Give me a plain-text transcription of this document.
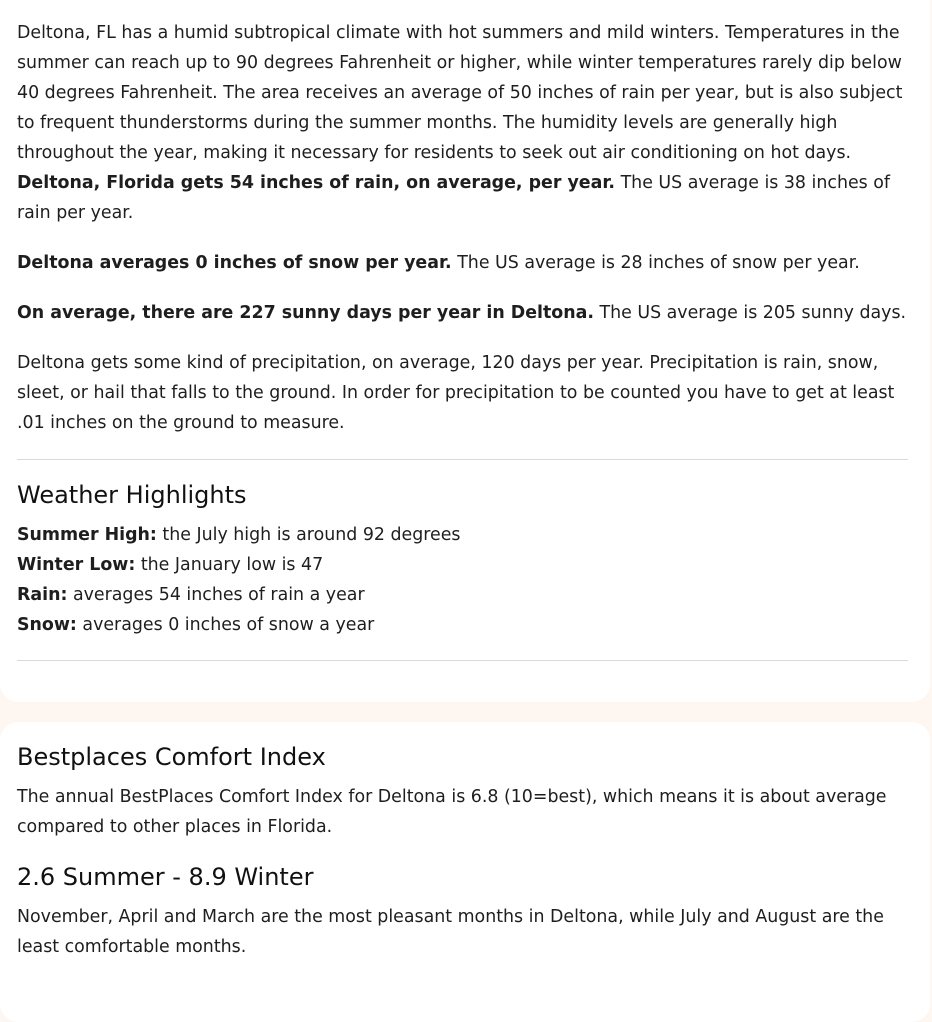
Deltona, FL has a humid subtropical climate with hot summers and mild winters. Temperatures in the summer can reach up to 90 degrees Fahrenheit or higher, while winter temperatures rarely dip below 40 degrees Fahrenheit. The area receives an average of 50 inches of rain per year, but is also subject to frequent thunderstorms during the summer months. The humidity levels are generally high throughout the year, making it necessary for residents to seek out air conditioning on hot days. Deltona, Florida gets 54 inches of rain, on average, per year. The US average is 38 inches of rain per year.

Deltona averages 0 inches of snow per year. The US average is 28 inches of snow per year.

On average, there are 227 sunny days per year in Deltona. The US average is 205 sunny days.

Deltona gets some kind of precipitation, on average, 120 days per year. Precipitation is rain, snow, sleet, or hail that falls to the ground. In order for precipitation to be counted you have to get at least .01 inches on the ground to measure.

Weather Highlights
Summer High: the July high is around 92 degrees
Winter Low: the January low is 47
Rain: averages 54 inches of rain a year
Snow: averages 0 inches of snow a year
Bestplaces Comfort Index

The annual BestPlaces Comfort Index for Deltona is 6.8 (10=best), which means it is about average compared to other places in Florida.

2.6 Summer - 8.9 Winter

November, April and March are the most pleasant months in Deltona, while July and August are the least comfortable months.
